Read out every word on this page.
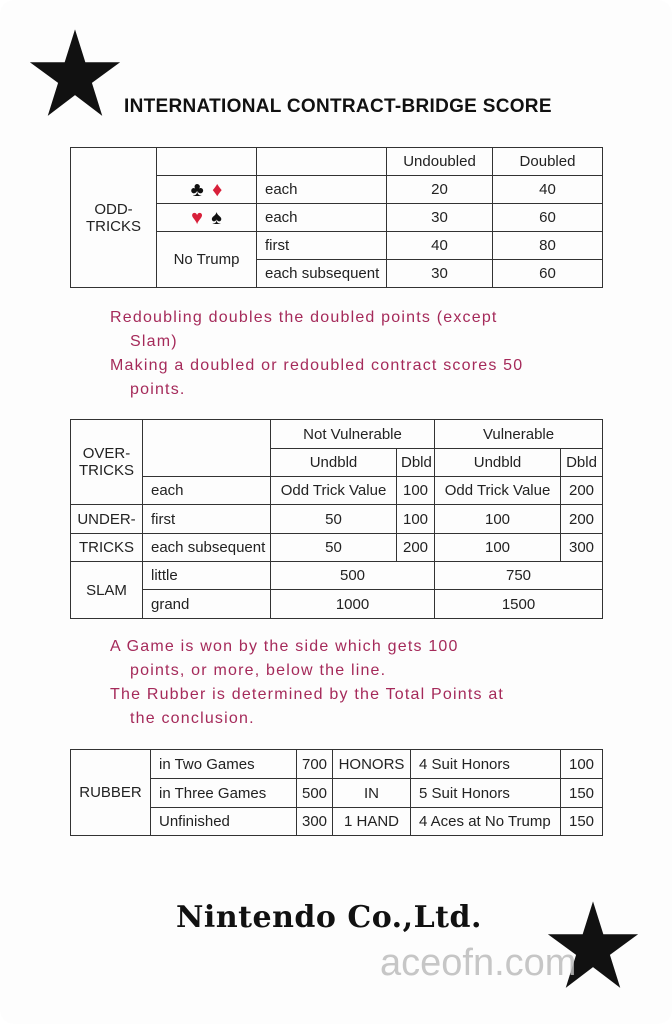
INTERNATIONAL CONTRACT-BRIDGE SCORE
ODD-
TRICKS			Undoubled	Doubled
	♣ ♦	each	20	40
	♥ ♠	each	30	60
	No Trump	first	40	80
		each subsequent	30	60
Redoubling doubles the doubled points (except
Slam)
Making a doubled or redoubled contract scores 50
points.
OVER-
TRICKS		Not Vulnerable		Vulnerable	
		Undbld	Dbld	Undbld	Dbld
	each	Odd Trick Value	100	Odd Trick Value	200
UNDER-	first	50	100	100	200
TRICKS	each subsequent	50	200	100	300
SLAM	little	500		750	
	grand	1000		1500	
A Game is won by the side which gets 100
points, or more, below the line.
The Rubber is determined by the Total Points at
the conclusion.
RUBBER	in Two Games	700	HONORS	4 Suit Honors	100
	in Three Games	500	IN	5 Suit Honors	150
	Unfinished	300	1 HAND	4 Aces at No Trump	150
Nintendo Co.,Ltd.
aceofn.com
